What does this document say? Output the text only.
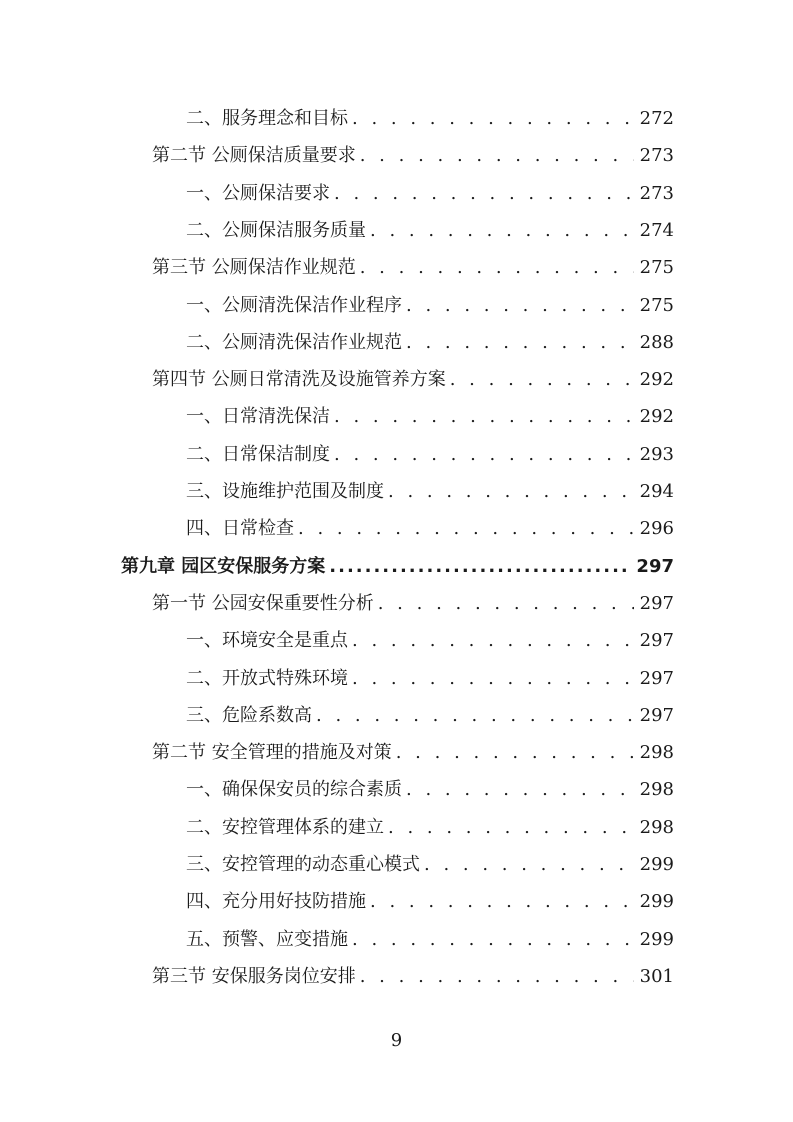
二、服务理念和目标 . . .	272
第二节 公厕保洁质量要求 . . .	273
一、公厕保洁要求 . . .	273
二、公厕保洁服务质量 . . .	274
第三节 公厕保洁作业规范 . . .	275
一、公厕清洗保洁作业程序 . . .	275
二、公厕清洗保洁作业规范 . . .	288
第四节 公厕日常清洗及设施管养方案 . . .	292
一、日常清洗保洁 . . .	292
二、日常保洁制度 . . .	293
三、设施维护范围及制度 . . .	294
四、日常检查 . . .	296
第九章 园区安保服务方案 .....	297
第一节 公园安保重要性分析 . . .	297
一、环境安全是重点 . . .	297
二、开放式特殊环境 . . .	297
三、危险系数高 . . .	297
第二节 安全管理的措施及对策 . . .	298
一、确保保安员的综合素质 . . .	298
二、安控管理体系的建立 . . .	298
三、安控管理的动态重心模式 . . .	299
四、充分用好技防措施 . . .	299
五、预警、应变措施 . . .	299
第三节 安保服务岗位安排 . . .	301
9
